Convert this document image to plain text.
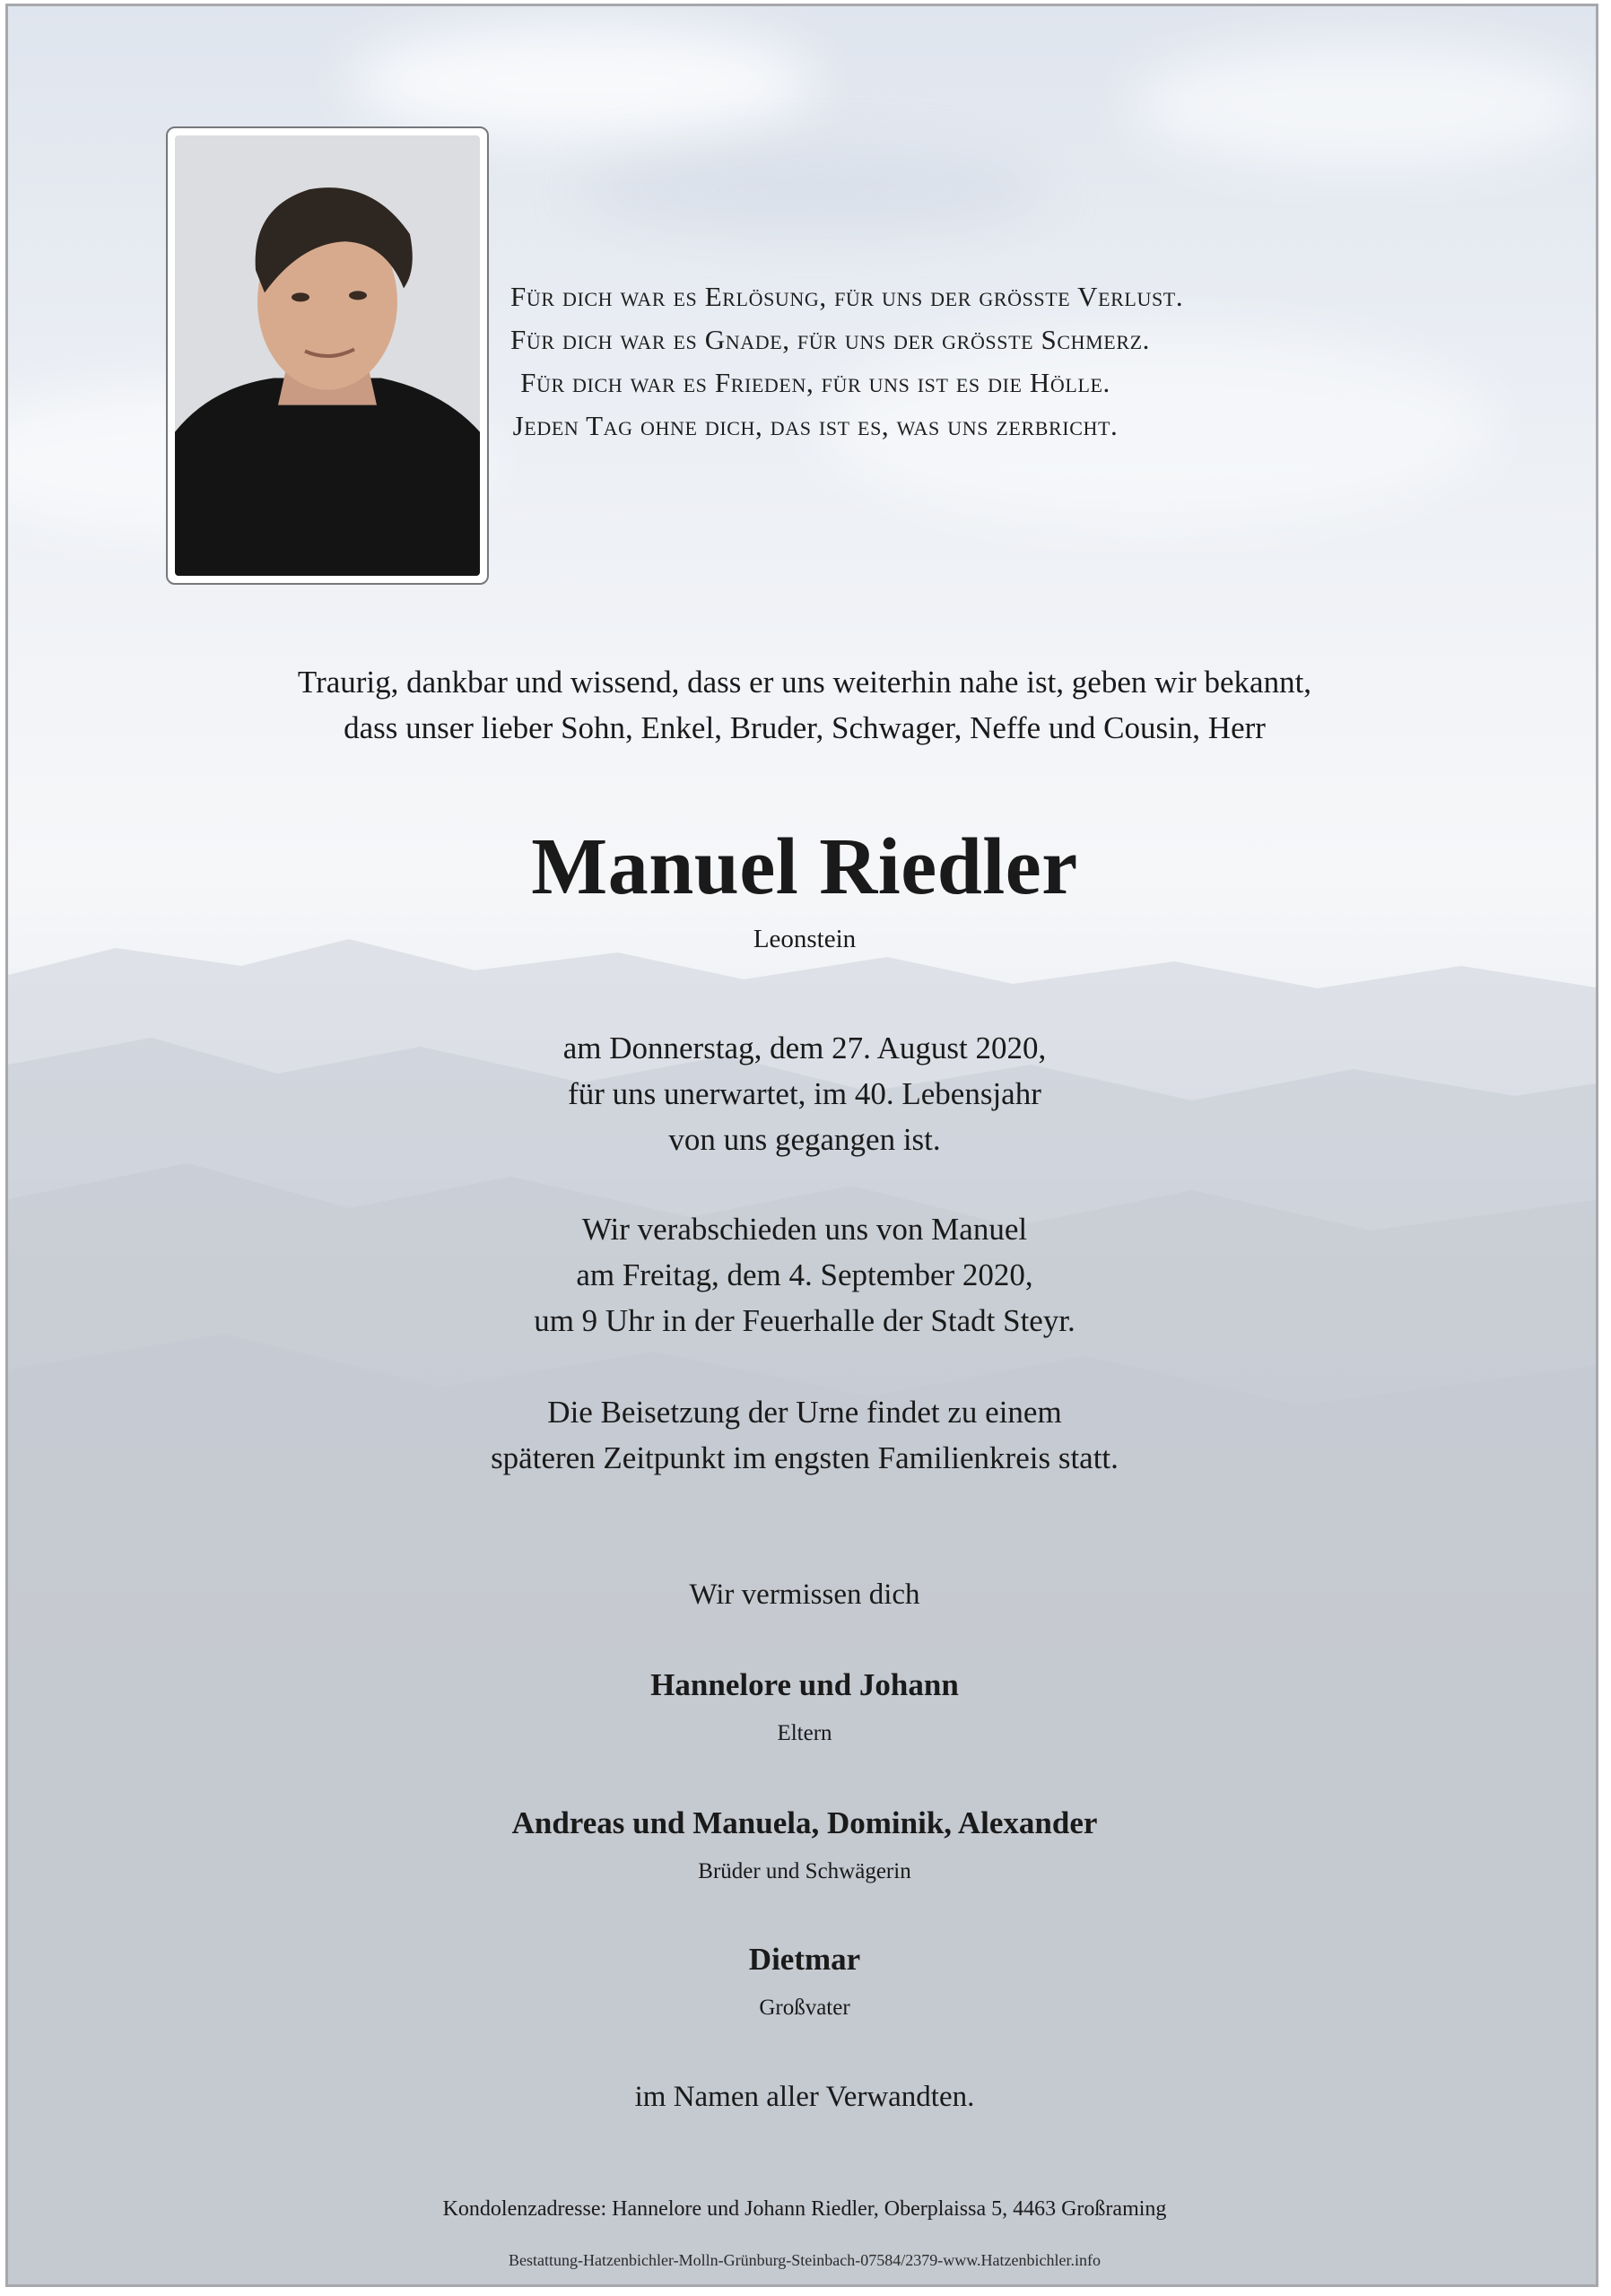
Für dich war es Erlösung, für uns der grösste Verlust.
Für dich war es Gnade, für uns der grösste Schmerz.
Für dich war es Frieden, für uns ist es die Hölle.
Jeden Tag ohne dich, das ist es, was uns zerbricht.
Traurig, dankbar und wissend, dass er uns weiterhin nahe ist, geben wir bekannt,
dass unser lieber Sohn, Enkel, Bruder, Schwager, Neffe und Cousin, Herr
Manuel Riedler
Leonstein
am Donnerstag, dem 27. August 2020,
für uns unerwartet, im 40. Lebensjahr
von uns gegangen ist.
Wir verabschieden uns von Manuel
am Freitag, dem 4. September 2020,
um 9 Uhr in der Feuerhalle der Stadt Steyr.
Die Beisetzung der Urne findet zu einem
späteren Zeitpunkt im engsten Familienkreis statt.
Wir vermissen dich
Hannelore und Johann
Eltern
Andreas und Manuela, Dominik, Alexander
Brüder und Schwägerin
Dietmar
Großvater
im Namen aller Verwandten.
Kondolenzadresse: Hannelore und Johann Riedler, Oberplaissa 5, 4463 Großraming
Bestattung-Hatzenbichler-Molln-Grünburg-Steinbach-07584/2379-www.Hatzenbichler.info
